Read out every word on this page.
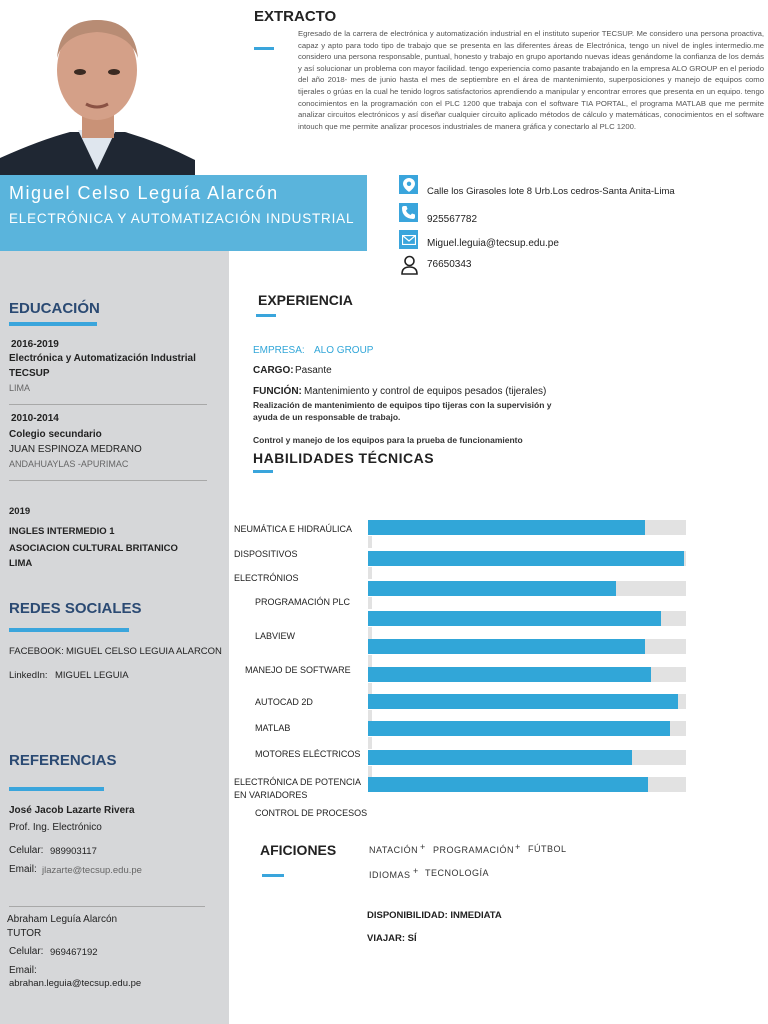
Miguel Celso Leguía Alarcón
ELECTRÓNICA Y AUTOMATIZACIÓN INDUSTRIAL
EXTRACTO
Egresado de la carrera de electrónica y automatización industrial en el instituto superior TECSUP. Me considero una persona proactiva, capaz y apto para todo tipo de trabajo que se presenta en las diferentes áreas de Electrónica, tengo un nivel de ingles intermedio.me considero una persona responsable, puntual, honesto y trabajo en grupo aportando nuevas ideas genándome la confianza de los demás y así solucionar un problema con mayor facilidad. tengo experiencia como pasante trabajando en la empresa ALO GROUP en el periodo del año 2018- mes de junio hasta el mes de septiembre en el área de mantenimiento, superposiciones y manejo de equipos como tijerales o grúas en la cual he tenido logros satisfactorios aprendiendo a manipular y encontrar errores que presenta en un equipo. tengo conocimientos en la programación con el PLC 1200 que trabaja con el software TIA PORTAL, el programa MATLAB que me permite analizar circuitos electrónicos y así diseñar cualquier circuito aplicado métodos de cálculo y matemáticas, conocimientos en el software intouch que me permite analizar procesos industriales de manera gráfica y conectarlo al PLC 1200.
Calle los Girasoles lote 8 Urb.Los cedros-Santa Anita-Lima
925567782
Miguel.leguia@tecsup.edu.pe
76650343
EDUCACIÓN
2016-2019
Electrónica y Automatización Industrial
TECSUP
LIMA
2010-2014
Colegio secundario
JUAN ESPINOZA MEDRANO
ANDAHUAYLAS -APURIMAC
2019
INGLES INTERMEDIO 1
ASOCIACION CULTURAL BRITANICO
LIMA
REDES SOCIALES
FACEBOOK: MIGUEL CELSO LEGUIA ALARCON
LinkedIn: MIGUEL LEGUIA
REFERENCIAS
José Jacob Lazarte Rivera
Prof. Ing. Electrónico
Celular: 989903117
Email: jlazarte@tecsup.edu.pe
Abraham Leguía Alarcón
TUTOR
Celular: 969467192
Email:
abrahan.leguia@tecsup.edu.pe
EXPERIENCIA
EMPRESA: ALO GROUP
CARGO: Pasante
FUNCIÓN: Mantenimiento y control de equipos pesados (tijerales)
Realización de mantenimiento de equipos tipo tijeras con la supervisión y ayuda de un responsable de trabajo.
Control y manejo de los equipos para la prueba de funcionamiento
HABILIDADES TÉCNICAS
NEUMÁTICA E HIDRAÚLICA
DISPOSITIVOS
ELECTRÓNIOS
PROGRAMACIÓN PLC
LABVIEW
MANEJO DE SOFTWARE
AUTOCAD 2D
MATLAB
MOTORES ELÉCTRICOS
ELECTRÓNICA DE POTENCIA EN VARIADORES
CONTROL DE PROCESOS
AFICIONES	NATACIÓN + PROGRAMACIÓN + FÚTBOL
IDIOMAS + TECNOLOGÍA
DISPONIBILIDAD: INMEDIATA
VIAJAR: SÍ
